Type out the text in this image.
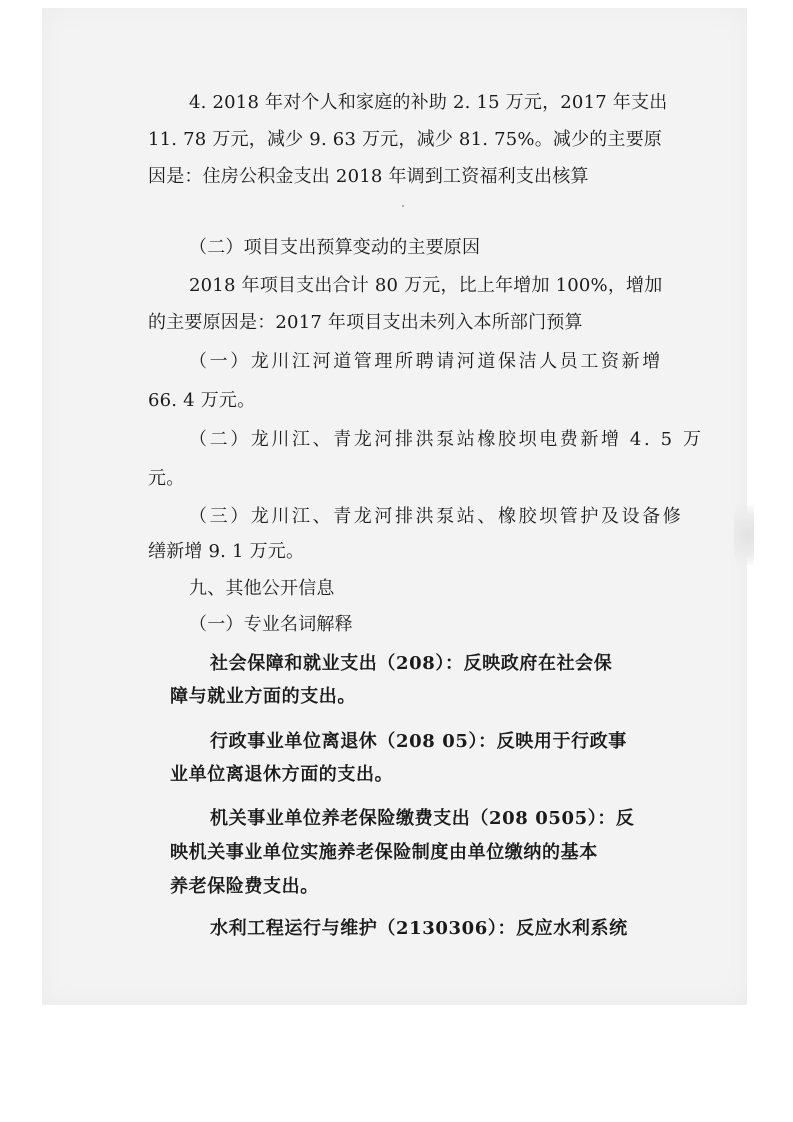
4. 2018 年对个人和家庭的补助 2. 15 万元，2017 年支出
11. 78 万元，减少 9. 63 万元，减少 81. 75%。减少的主要原
因是：住房公积金支出 2018 年调到工资福利支出核算
（二）项目支出预算变动的主要原因
2018 年项目支出合计 80 万元，比上年增加 100%，增加
的主要原因是：2017 年项目支出未列入本所部门预算
（一）龙川江河道管理所聘请河道保洁人员工资新增
66. 4 万元。
（二）龙川江、青龙河排洪泵站橡胶坝电费新增 4. 5 万
元。
（三）龙川江、青龙河排洪泵站、橡胶坝管护及设备修
缮新增 9. 1 万元。
九、其他公开信息
（一）专业名词解释
社会保障和就业支出（208）：反映政府在社会保
障与就业方面的支出。
行政事业单位离退休（208 05）：反映用于行政事
业单位离退休方面的支出。
机关事业单位养老保险缴费支出（208 0505）：反
映机关事业单位实施养老保险制度由单位缴纳的基本
养老保险费支出。
水利工程运行与维护（2130306）：反应水利系统
